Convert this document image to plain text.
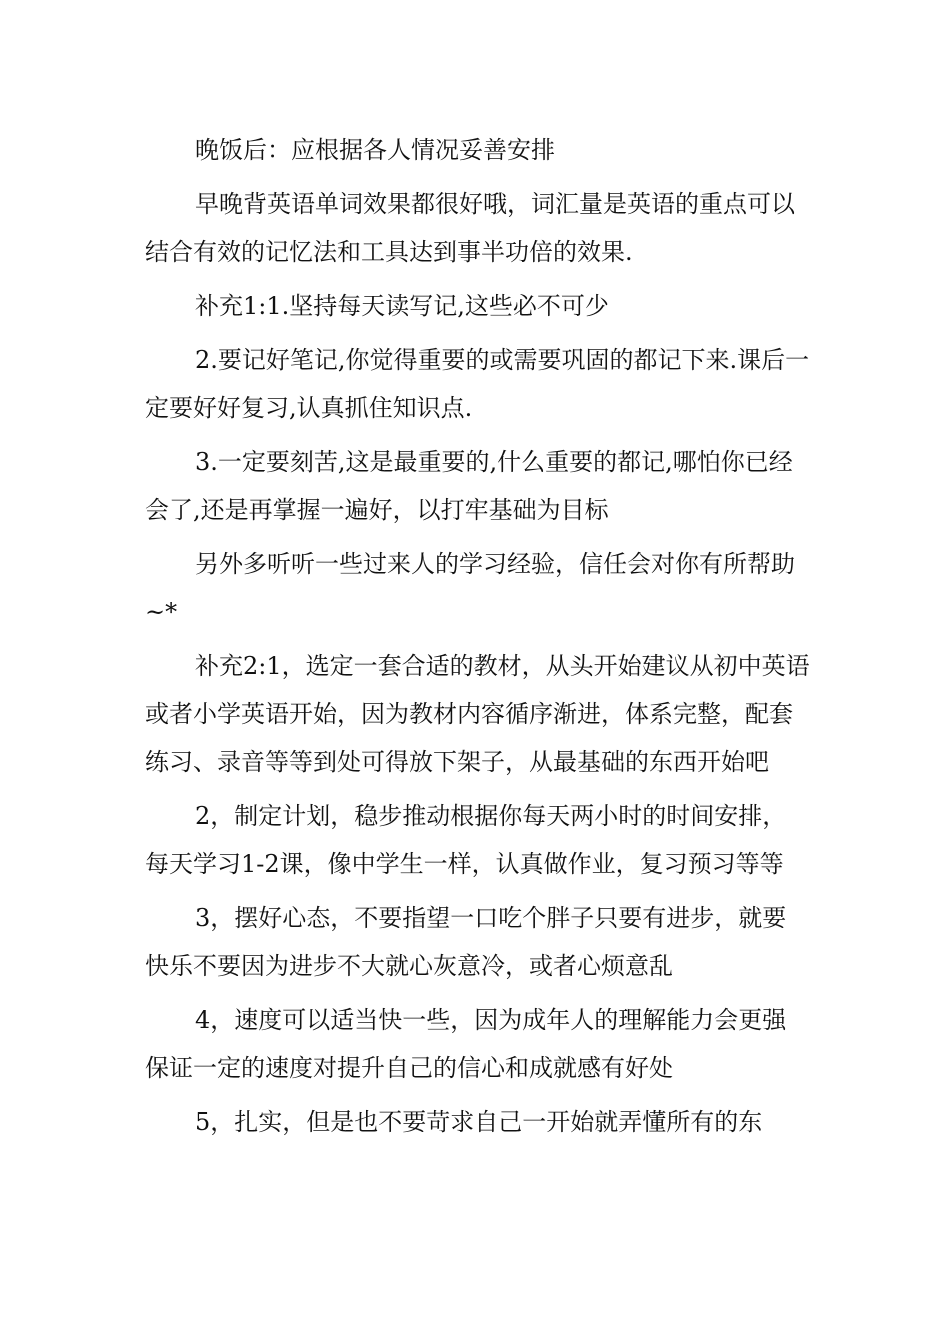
晚饭后：应根据各人情况妥善安排

早晚背英语单词效果都很好哦，词汇量是英语的重点可以结合有效的记忆法和工具达到事半功倍的效果.

补充1:1.坚持每天读写记,这些必不可少

2.要记好笔记,你觉得重要的或需要巩固的都记下来.课后一定要好好复习,认真抓住知识点.

3.一定要刻苦,这是最重要的,什么重要的都记,哪怕你已经会了,还是再掌握一遍好，以打牢基础为目标

另外多听听一些过来人的学习经验，信任会对你有所帮助~*

补充2:1，选定一套合适的教材，从头开始建议从初中英语或者小学英语开始，因为教材内容循序渐进，体系完整，配套练习、录音等等到处可得放下架子，从最基础的东西开始吧

2，制定计划，稳步推动根据你每天两小时的时间安排，每天学习1-2课，像中学生一样，认真做作业，复习预习等等

3，摆好心态，不要指望一口吃个胖子只要有进步，就要快乐不要因为进步不大就心灰意冷，或者心烦意乱

4，速度可以适当快一些，因为成年人的理解能力会更强保证一定的速度对提升自己的信心和成就感有好处

5，扎实，但是也不要苛求自己一开始就弄懂所有的东
